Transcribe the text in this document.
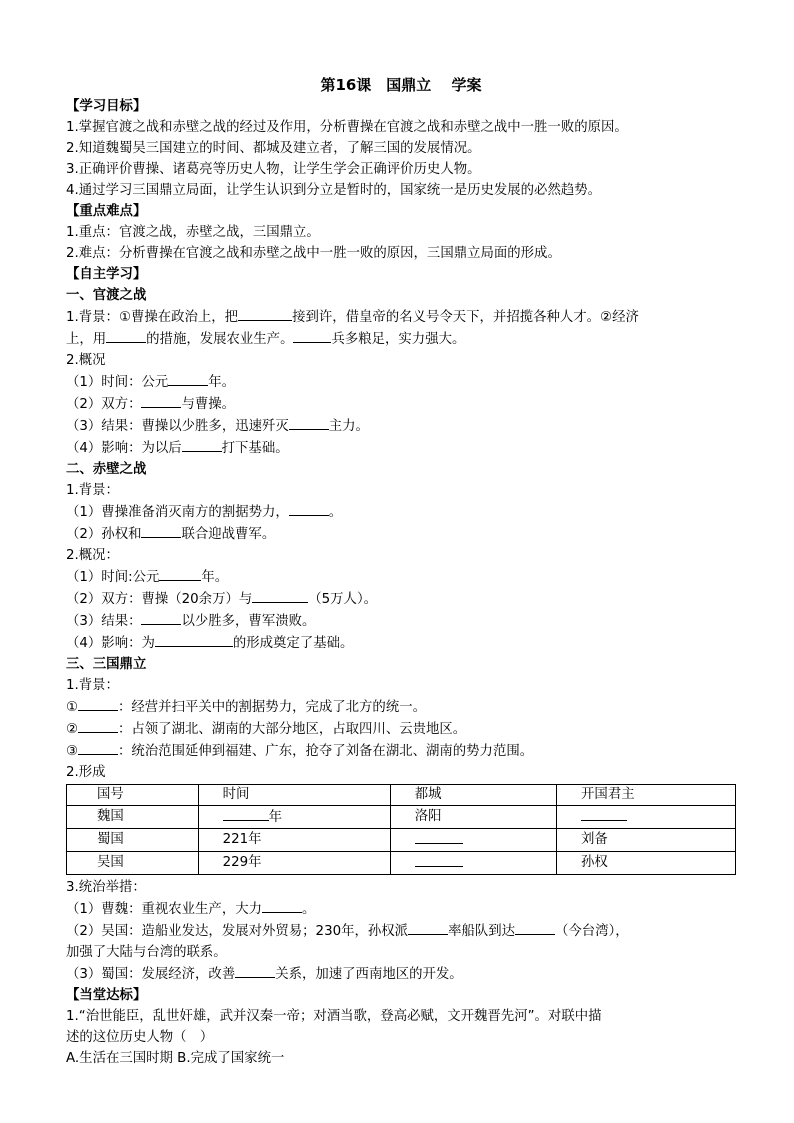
第16课　国鼎立　 学案
【学习目标】
1.掌握官渡之战和赤壁之战的经过及作用，分析曹操在官渡之战和赤壁之战中一胜一败的原因。
2.知道魏蜀吴三国建立的时间、都城及建立者，了解三国的发展情况。
3.正确评价曹操、诸葛亮等历史人物，让学生学会正确评价历史人物。
4.通过学习三国鼎立局面，让学生认识到分立是暂时的，国家统一是历史发展的必然趋势。
【重点难点】
1.重点：官渡之战，赤壁之战，三国鼎立。
2.难点：分析曹操在官渡之战和赤壁之战中一胜一败的原因，三国鼎立局面的形成。
【自主学习】
一、官渡之战
1.背景：①曹操在政治上，把	接到许，借皇帝的名义号令天下，并招揽各种人才。②经济
上，用	的措施，发展农业生产。	兵多粮足，实力强大。
2.概况
（1）时间：公元	年。
（2）双方：	与曹操。
（3）结果：曹操以少胜多，迅速歼灭	主力。
（4）影响：为以后	打下基础。
二、赤壁之战
1.背景：
（1）曹操准备消灭南方的割据势力，	。
（2）孙权和	联合迎战曹军。
2.概况：
（1）时间:公元	年。
（2）双方：曹操（20余万）与	（5万人）。
（3）结果：	以少胜多，曹军溃败。
（4）影响：为	的形成奠定了基础。
三、三国鼎立
1.背景：
①	：经营并扫平关中的割据势力，完成了北方的统一。
②	：占领了湖北、湖南的大部分地区，占取四川、云贵地区。
③	：统治范围延伸到福建、广东，抢夺了刘备在湖北、湖南的势力范围。
2.形成
国号	时间	都城	开国君主
魏国	年	洛阳	
蜀国	221年		刘备
吴国	229年		孙权
3.统治举措：
（1）曹魏：重视农业生产，大力	。
（2）吴国：造船业发达，发展对外贸易；230年，孙权派	率船队到达	（今台湾），
加强了大陆与台湾的联系。
（3）蜀国：发展经济，改善	关系，加速了西南地区的开发。
【当堂达标】
1.“治世能臣，乱世奸雄，武并汉秦一帝；对酒当歌，登高必赋，文开魏晋先河”。对联中描
述的这位历史人物（　）
A.生活在三国时期 B.完成了国家统一
